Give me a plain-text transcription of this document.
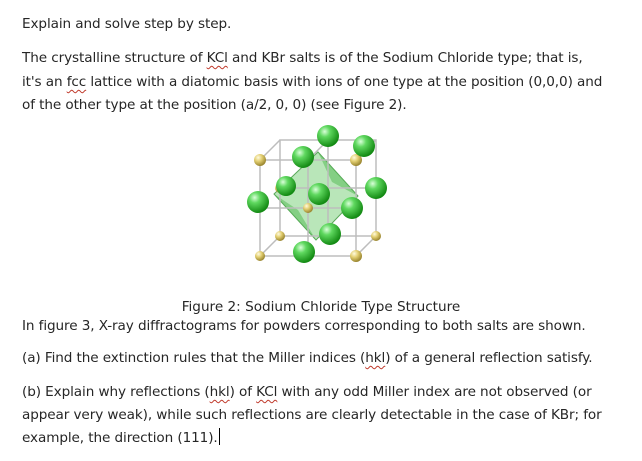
Explain and solve step by step.

The crystalline structure of KCl and KBr salts is of the Sodium Chloride type; that is,

it's an fcc lattice with a diatomic basis with ions of one type at the position (0,0,0) and

of the other type at the position (a/2, 0, 0) (see Figure 2).

Figure 2: Sodium Chloride Type Structure

In figure 3, X-ray diffractograms for powders corresponding to both salts are shown.

(a) Find the extinction rules that the Miller indices (hkl) of a general reflection satisfy.

(b) Explain why reflections (hkl) of KCl with any odd Miller index are not observed (or

appear very weak), while such reflections are clearly detectable in the case of KBr; for

example, the direction (111).
